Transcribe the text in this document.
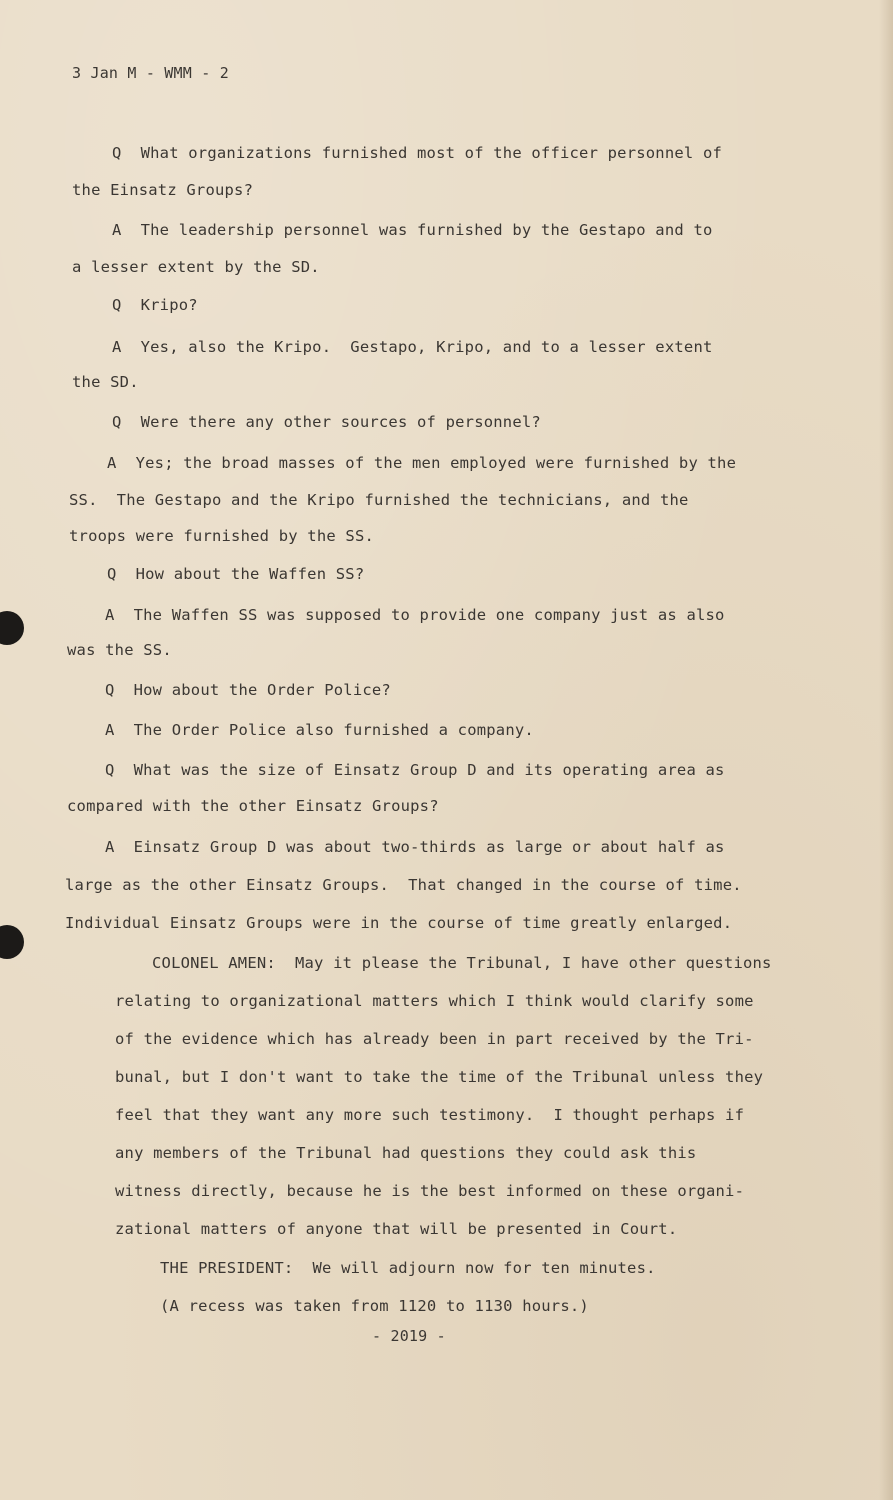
3 Jan M - WMM - 2
Q  What organizations furnished most of the officer personnel of
the Einsatz Groups?
A  The leadership personnel was furnished by the Gestapo and to
a lesser extent by the SD.
Q  Kripo?
A  Yes, also the Kripo.  Gestapo, Kripo, and to a lesser extent
the SD.
Q  Were there any other sources of personnel?
A  Yes; the broad masses of the men employed were furnished by the
SS.  The Gestapo and the Kripo furnished the technicians, and the
troops were furnished by the SS.
Q  How about the Waffen SS?
A  The Waffen SS was supposed to provide one company just as also
was the SS.
Q  How about the Order Police?
A  The Order Police also furnished a company.
Q  What was the size of Einsatz Group D and its operating area as
compared with the other Einsatz Groups?
A  Einsatz Group D was about two-thirds as large or about half as
large as the other Einsatz Groups.  That changed in the course of time.
Individual Einsatz Groups were in the course of time greatly enlarged.
COLONEL AMEN:  May it please the Tribunal, I have other questions
relating to organizational matters which I think would clarify some
of the evidence which has already been in part received by the Tri-
bunal, but I don't want to take the time of the Tribunal unless they
feel that they want any more such testimony.  I thought perhaps if
any members of the Tribunal had questions they could ask this
witness directly, because he is the best informed on these organi-
zational matters of anyone that will be presented in Court.
THE PRESIDENT:  We will adjourn now for ten minutes.
(A recess was taken from 1120 to 1130 hours.)
- 2019 -
